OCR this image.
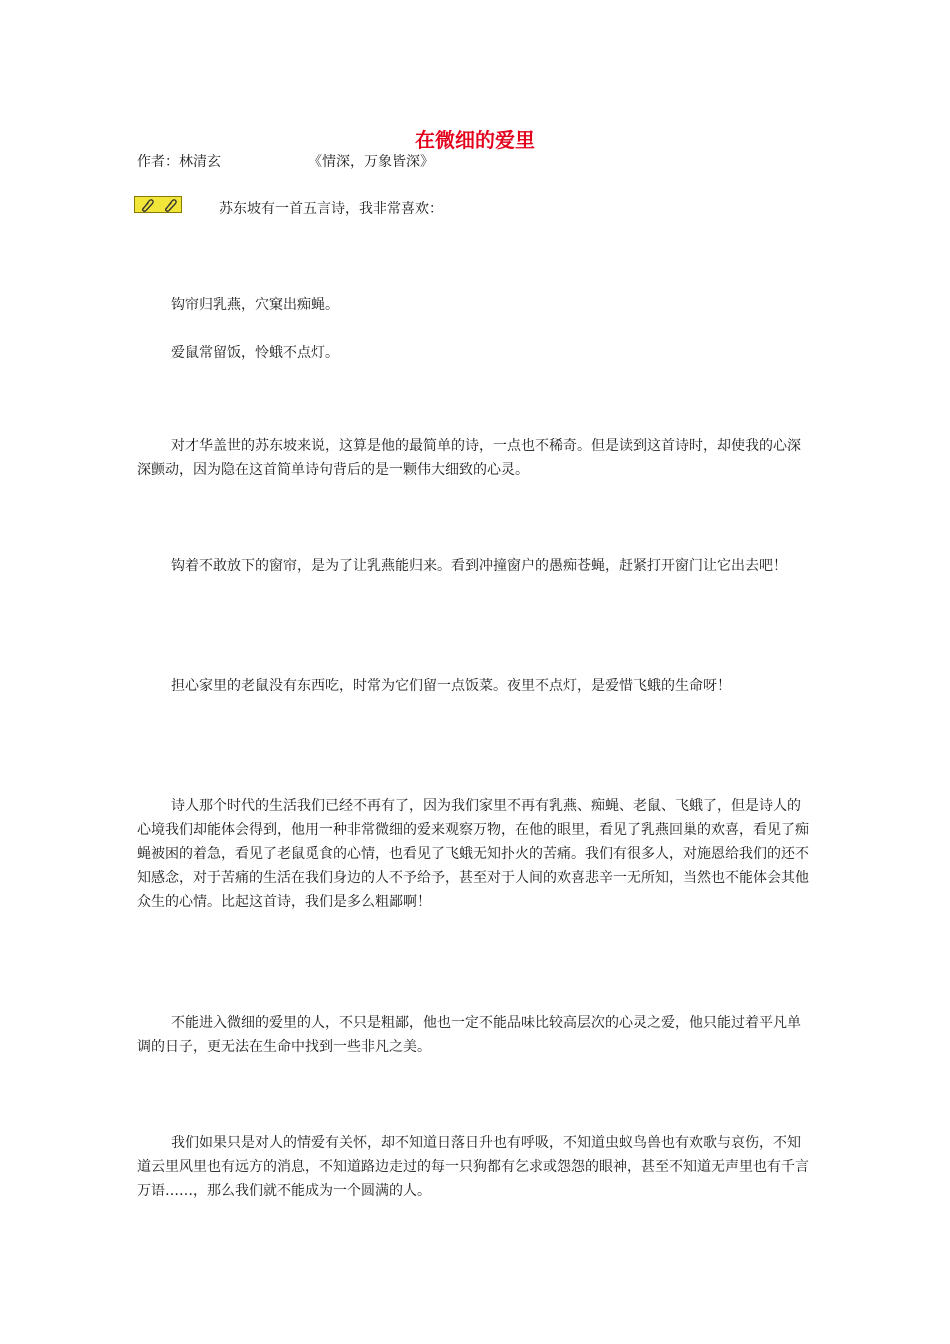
在微细的爱里
作者：林清玄	《情深，万象皆深》
苏东坡有一首五言诗，我非常喜欢：
钩帘归乳燕，穴窠出痴蝇。
爱鼠常留饭，怜蛾不点灯。
对才华盖世的苏东坡来说，这算是他的最简单的诗，一点也不稀奇。但是读到这首诗时，却使我的心深深颤动，因为隐在这首简单诗句背后的是一颗伟大细致的心灵。
钩着不敢放下的窗帘，是为了让乳燕能归来。看到冲撞窗户的愚痴苍蝇，赶紧打开窗门让它出去吧！
担心家里的老鼠没有东西吃，时常为它们留一点饭菜。夜里不点灯，是爱惜飞蛾的生命呀！
诗人那个时代的生活我们已经不再有了，因为我们家里不再有乳燕、痴蝇、老鼠、飞蛾了，但是诗人的心境我们却能体会得到，他用一种非常微细的爱来观察万物，在他的眼里，看见了乳燕回巢的欢喜，看见了痴蝇被困的着急，看见了老鼠觅食的心情，也看见了飞蛾无知扑火的苦痛。我们有很多人，对施恩给我们的还不知感念，对于苦痛的生活在我们身边的人不予给予，甚至对于人间的欢喜悲辛一无所知，当然也不能体会其他众生的心情。比起这首诗，我们是多么粗鄙啊！
不能进入微细的爱里的人，不只是粗鄙，他也一定不能品味比较高层次的心灵之爱，他只能过着平凡单调的日子，更无法在生命中找到一些非凡之美。
我们如果只是对人的情爱有关怀，却不知道日落日升也有呼吸，不知道虫蚁鸟兽也有欢歌与哀伤，不知道云里风里也有远方的消息，不知道路边走过的每一只狗都有乞求或怨怨的眼神，甚至不知道无声里也有千言万语……，那么我们就不能成为一个圆满的人。
